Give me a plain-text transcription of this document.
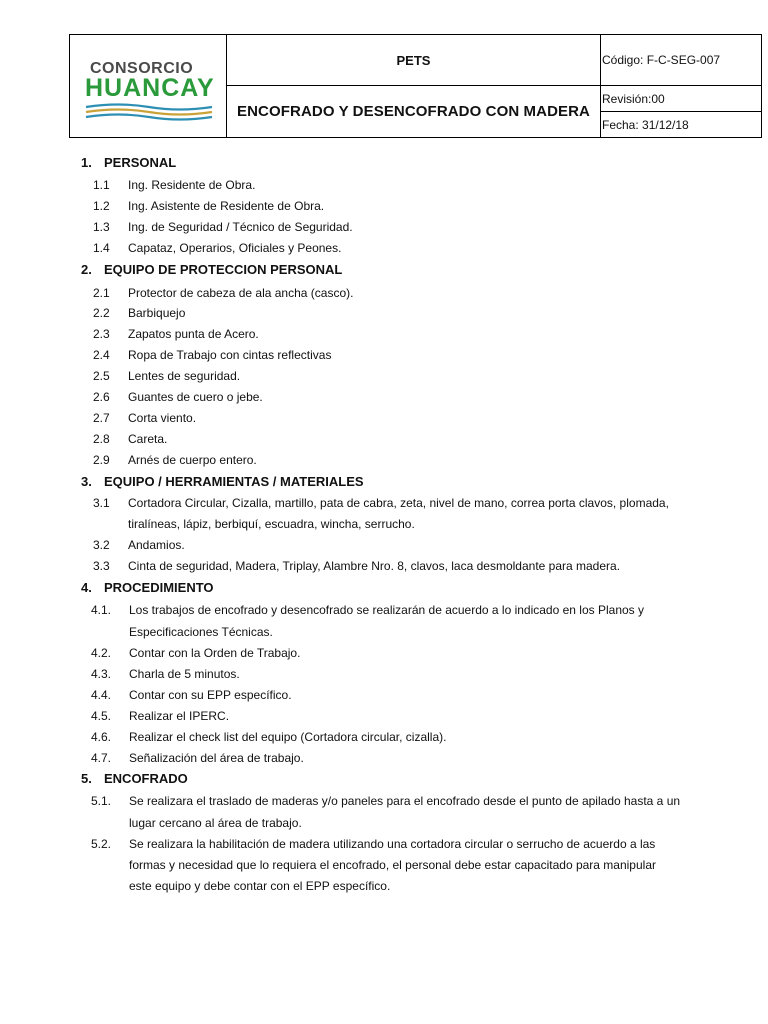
CONSORCIO
HUANCAY
PETS
ENCOFRADO Y DESENCOFRADO CON MADERA
Código: F-C-SEG-007
Revisión:00
Fecha: 31/12/18
1. PERSONAL
1.1 Ing. Residente de Obra.
1.2 Ing. Asistente de Residente de Obra.
1.3 Ing. de Seguridad / Técnico de Seguridad.
1.4 Capataz, Operarios, Oficiales y Peones.
2. EQUIPO DE PROTECCION PERSONAL
2.1 Protector de cabeza de ala ancha (casco).
2.2 Barbiquejo
2.3 Zapatos punta de Acero.
2.4 Ropa de Trabajo con cintas reflectivas
2.5 Lentes de seguridad.
2.6 Guantes de cuero o jebe.
2.7 Corta viento.
2.8 Careta.
2.9 Arnés de cuerpo entero.
3. EQUIPO / HERRAMIENTAS / MATERIALES
3.1 Cortadora Circular, Cizalla, martillo, pata de cabra, zeta, nivel de mano, correa porta clavos, plomada,
tiralíneas, lápiz, berbiquí, escuadra, wincha, serrucho.
3.2 Andamios.
3.3 Cinta de seguridad, Madera, Triplay, Alambre Nro. 8, clavos, laca desmoldante para madera.
4. PROCEDIMIENTO
4.1. Los trabajos de encofrado y desencofrado se realizarán de acuerdo a lo indicado en los Planos y
Especificaciones Técnicas.
4.2. Contar con la Orden de Trabajo.
4.3. Charla de 5 minutos.
4.4. Contar con su EPP específico.
4.5. Realizar el IPERC.
4.6. Realizar el check list del equipo (Cortadora circular, cizalla).
4.7. Señalización del área de trabajo.
5. ENCOFRADO
5.1. Se realizara el traslado de maderas y/o paneles para el encofrado desde el punto de apilado hasta a un
lugar cercano al área de trabajo.
5.2. Se realizara la habilitación de madera utilizando una cortadora circular o serrucho de acuerdo a las
formas y necesidad que lo requiera el encofrado, el personal debe estar capacitado para manipular
este equipo y debe contar con el EPP específico.
